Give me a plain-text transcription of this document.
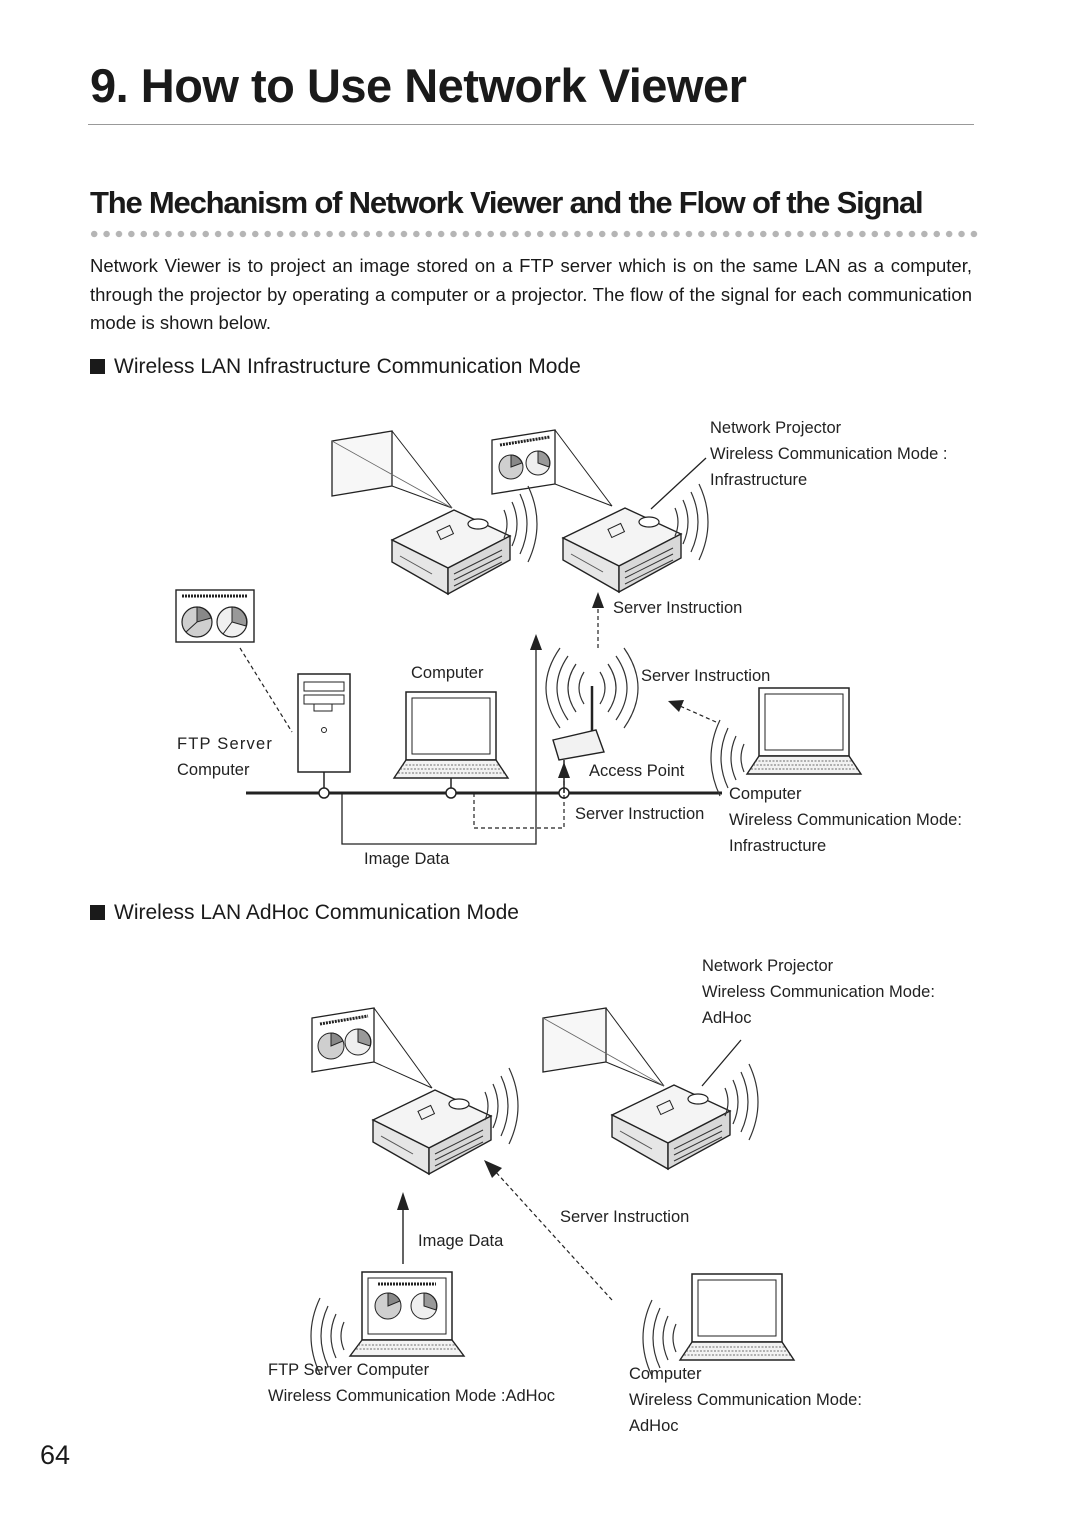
9. How to Use Network Viewer
The Mechanism of Network Viewer and the Flow of the Signal

Network Viewer is to project an image stored on a FTP server which is on the same LAN as a computer, through the projector by operating a computer or a projector. The flow of the signal for each communication mode is shown below.

Wireless LAN Infrastructure Communication Mode
Wireless LAN AdHoc Communication Mode
Network Projector
Wireless Communication Mode :
Infrastructure
Server Instruction
Computer	Server Instruction
FTP Server
Computer	Access Point
Computer
Wireless Communication Mode:
Infrastructure
Server Instruction
Image Data
Network Projector
Wireless Communication Mode:
AdHoc
Server Instruction
Image Data
FTP Server Computer
Wireless Communication Mode :AdHoc
Computer
Wireless Communication Mode:
AdHoc
64
